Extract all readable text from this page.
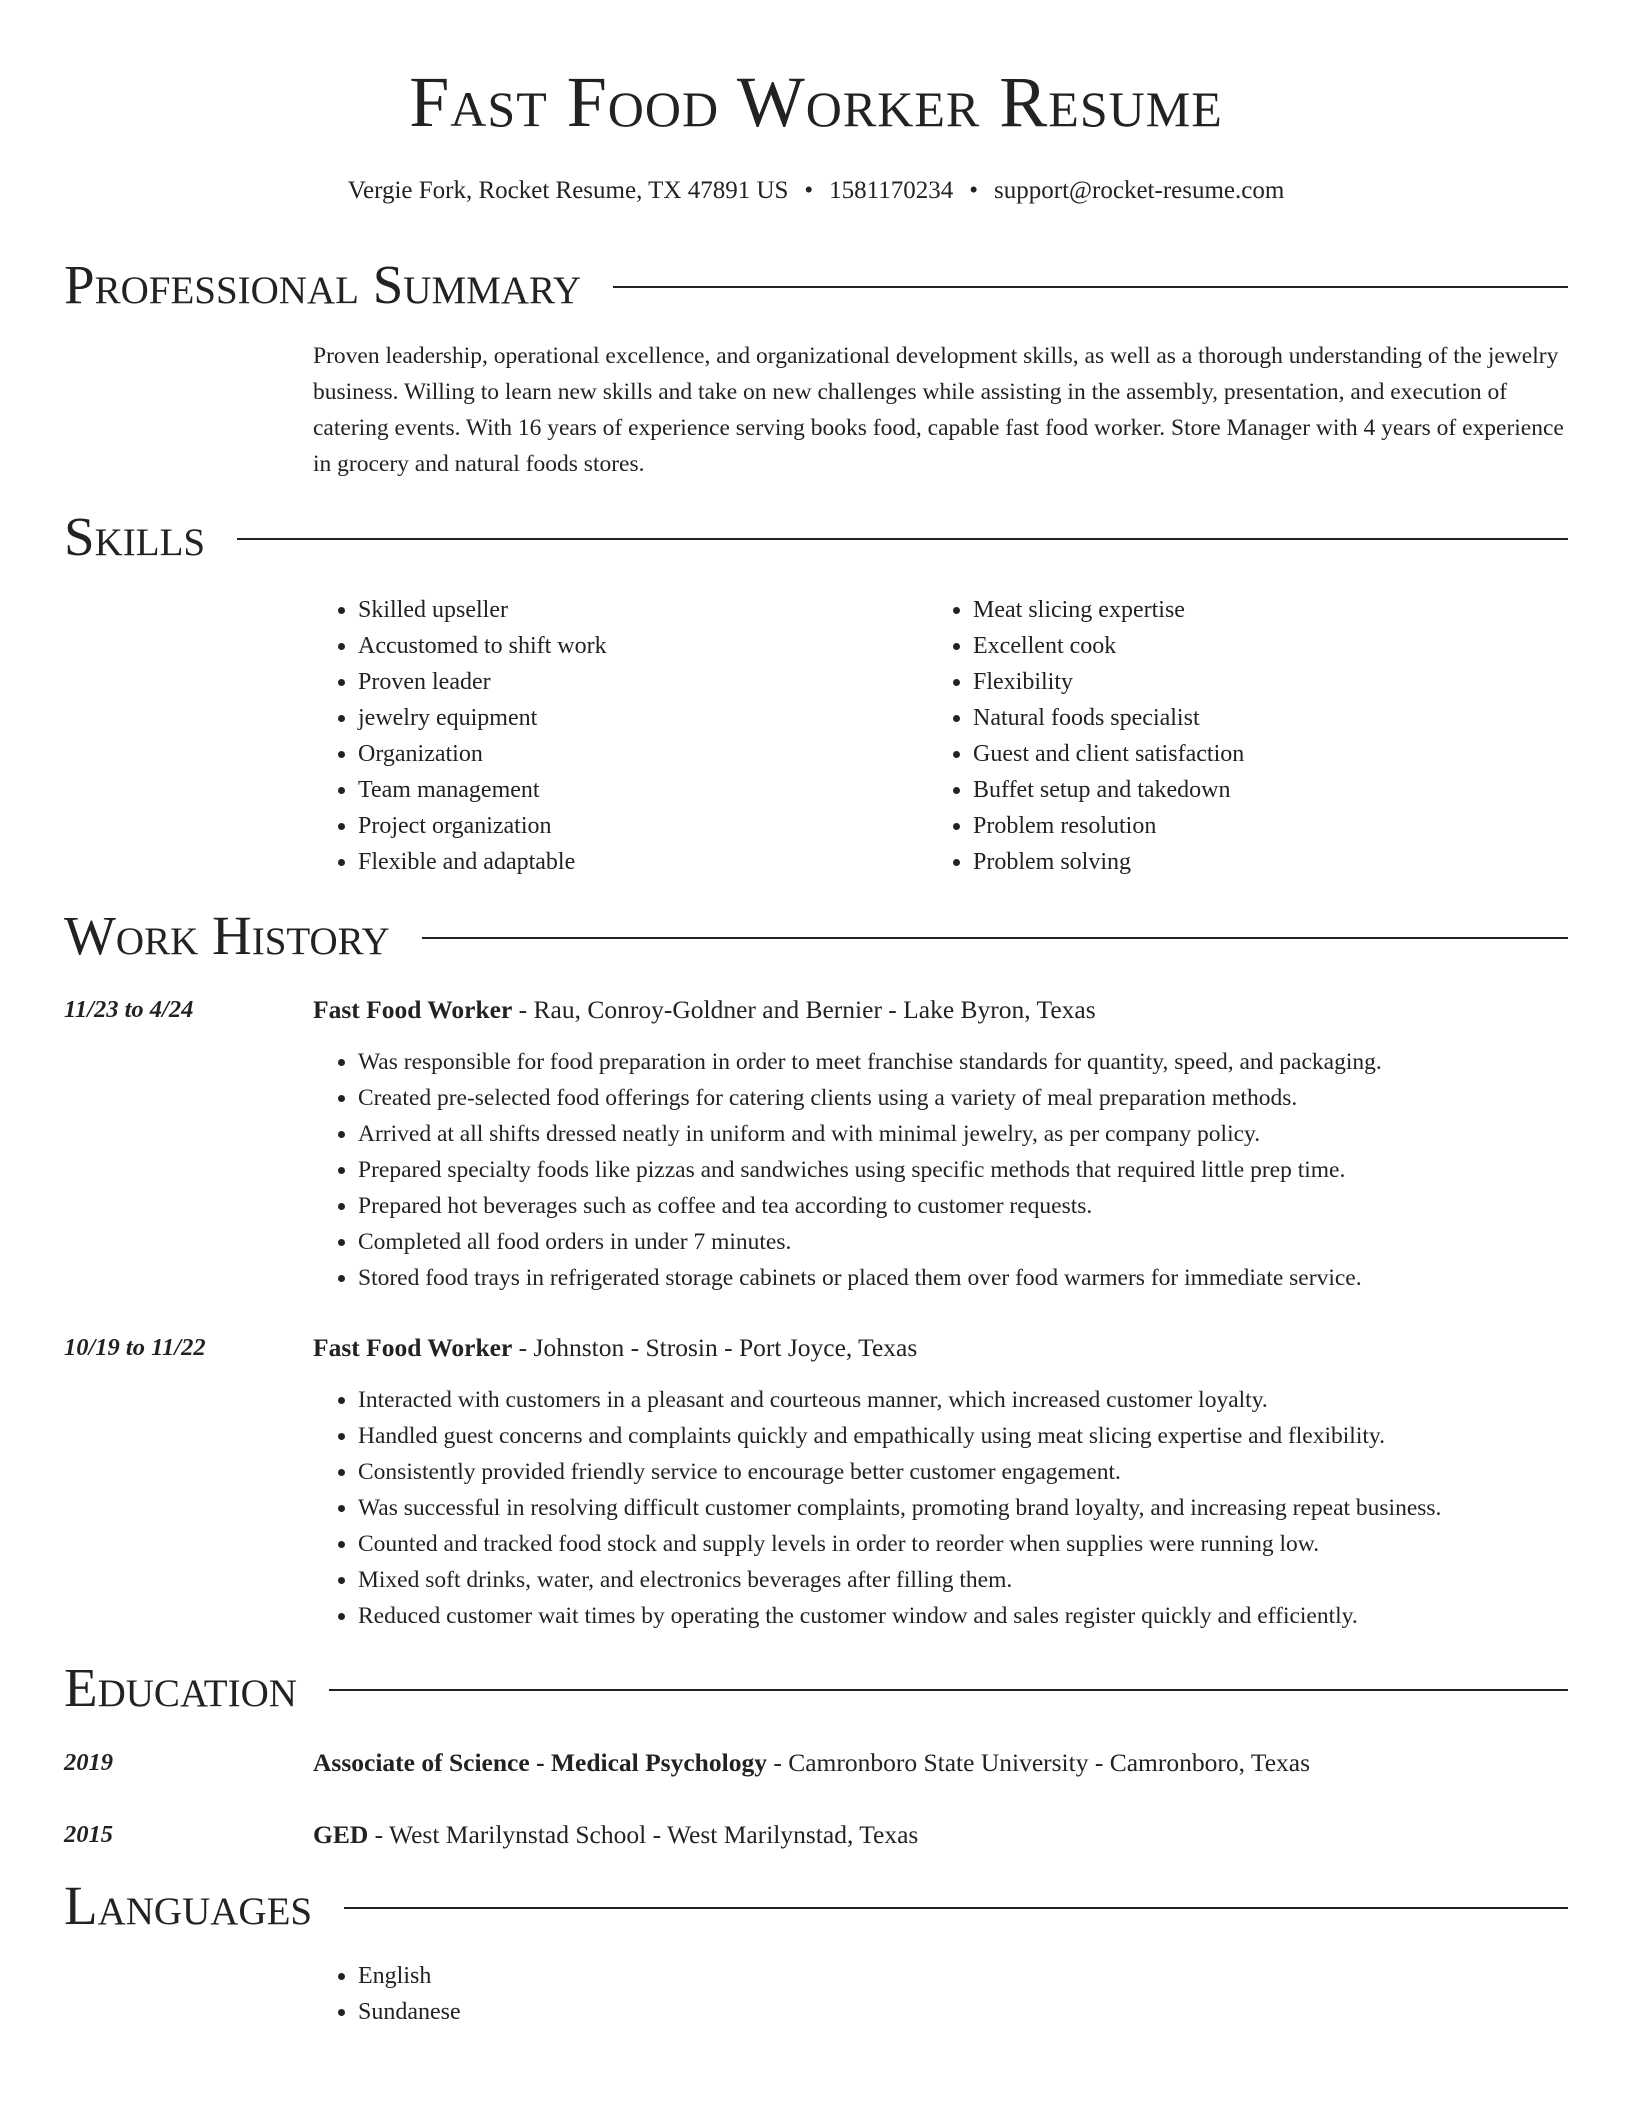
Fast Food Worker Resume
Vergie Fork, Rocket Resume, TX 47891 US • 1581170234 • support@rocket-resume.com
Professional Summary

Proven leadership, operational excellence, and organizational development skills, as well as a thorough understanding of the jewelry business. Willing to learn new skills and take on new challenges while assisting in the assembly, presentation, and execution of catering events. With 16 years of experience serving books food, capable fast food worker. Store Manager with 4 years of experience in grocery and natural foods stores.

Skills
• Skilled upseller
• Accustomed to shift work
• Proven leader
• jewelry equipment
• Organization
• Team management
• Project organization
• Flexible and adaptable
• Meat slicing expertise
• Excellent cook
• Flexibility
• Natural foods specialist
• Guest and client satisfaction
• Buffet setup and takedown
• Problem resolution
• Problem solving
Work History
11/23 to 4/24	Fast Food Worker - Rau, Conroy-Goldner and Bernier - Lake Byron, Texas
• Was responsible for food preparation in order to meet franchise standards for quantity, speed, and packaging.
• Created pre-selected food offerings for catering clients using a variety of meal preparation methods.
• Arrived at all shifts dressed neatly in uniform and with minimal jewelry, as per company policy.
• Prepared specialty foods like pizzas and sandwiches using specific methods that required little prep time.
• Prepared hot beverages such as coffee and tea according to customer requests.
• Completed all food orders in under 7 minutes.
• Stored food trays in refrigerated storage cabinets or placed them over food warmers for immediate service.
10/19 to 11/22	Fast Food Worker - Johnston - Strosin - Port Joyce, Texas
• Interacted with customers in a pleasant and courteous manner, which increased customer loyalty.
• Handled guest concerns and complaints quickly and empathically using meat slicing expertise and flexibility.
• Consistently provided friendly service to encourage better customer engagement.
• Was successful in resolving difficult customer complaints, promoting brand loyalty, and increasing repeat business.
• Counted and tracked food stock and supply levels in order to reorder when supplies were running low.
• Mixed soft drinks, water, and electronics beverages after filling them.
• Reduced customer wait times by operating the customer window and sales register quickly and efficiently.
Education
2019	Associate of Science - Medical Psychology - Camronboro State University - Camronboro, Texas
2015	GED - West Marilynstad School - West Marilynstad, Texas
Languages
• English
• Sundanese
